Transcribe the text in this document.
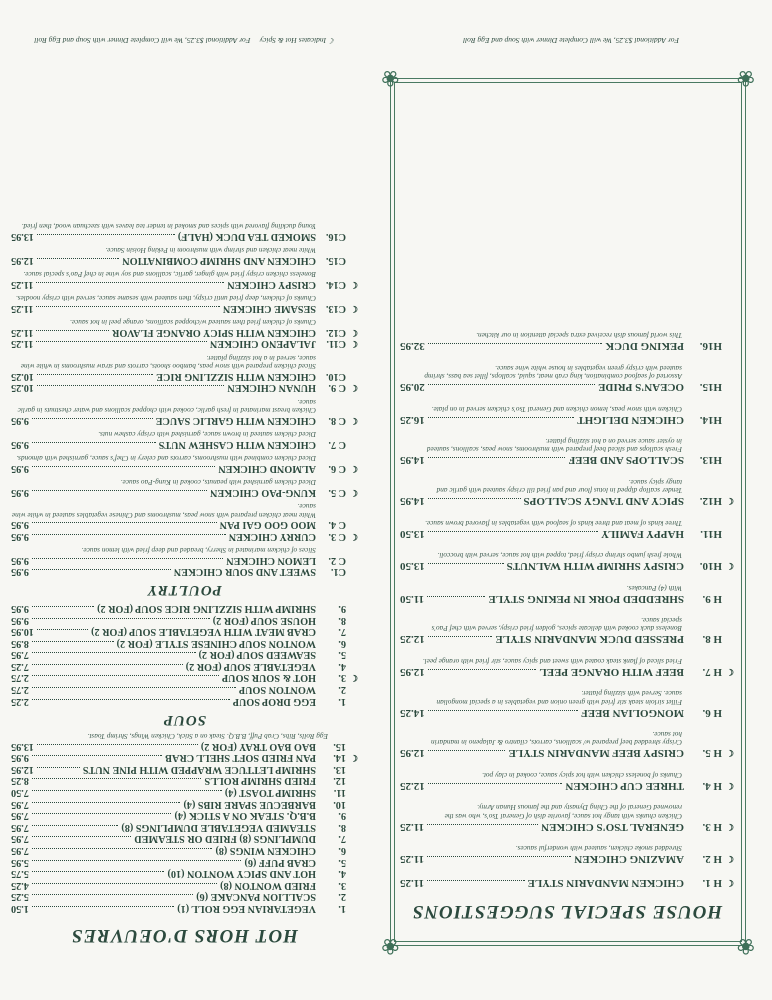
HOT HORS D'OEUVRES
1.
VEGETARIAN EGG ROLL (1)
1.50
2.
SCALLION PANCAKE (6)
5.25
3.
FRIED WONTON (8)
4.25
4.
HOT AND SPICY WONTON (10)
5.75
5.
CRAB PUFF (6)
5.95
6.
CHICKEN WINGS (8)
7.95
7.
DUMPLINGS (8) FRIED OR STEAMED
7.95
8.
STEAMED VEGETABLE DUMPLINGS (8)
7.95
9.
B.B.Q. STEAK ON A STICK (4)
7.95
10.
BARBECUE SPARE RIBS (4)
7.95
11.
SHRIMP TOAST (4)
7.50
12.
FRIED SHRIMP ROLLS
8.25
13.
SHRIMP LETTUCE WRAPPED WITH PINE NUTS
12.95
☾
14.
PAN FRIED SOFT SHELL CRAB
9.95
15.
BAO BAO TRAY (FOR 2)
13.95
Egg Rolls, Ribs, Crab Puff, B.B.Q. Steak on a Stick, Chicken Wings, Shrimp Toast.
SOUP
1.
EGG DROP SOUP
2.25
2.
WONTON SOUP
2.75
☾
3.
HOT & SOUR SOUP
2.75
4.
VEGETABLE SOUP (FOR 2)
7.25
5.
SEAWEED SOUP (FOR 2)
7.95
6.
WONTON SOUP CHINESE STYLE (FOR 2)
8.95
7.
CRAB MEAT WITH VEGETABLE SOUP (FOR 2)
10.95
8.
HOUSE SOUP (FOR 2)
9.95
9.
SHRIMP WITH SIZZLING RICE SOUP (FOR 2)
9.95
POULTRY
C1.
SWEET AND SOUR CHICKEN
9.95
C 2.
LEMON CHICKEN
9.95
Slices of chicken marinated in Sherry, breaded and deep fried with lemon sauce.
☾
C 3.
CURRY CHICKEN
9.95
C 4.
MOO GOO GAI PAN
9.95
White meat chicken prepared with snow peas, mushrooms and Chinese vegetables sauteed in white wine sauce.
☾
C 5.
KUNG-PAO CHICKEN
9.95
Diced chicken garnished with peanuts, cooked in Kung-Pao sauce.
☾
C 6.
ALMOND CHICKEN
9.95
Diced chicken combined with mushrooms, carrots and celery in Chef's sauce, garnished with almonds.
C 7.
CHICKEN WITH CASHEW NUTS
9.95
Diced chicken sauteed in brown sauce, garnished with crispy cashew nuts.
☾
C 8.
CHICKEN WITH GARLIC SAUCE
9.95
Chicken breast marinated in fresh garlic, cooked with chopped scallions and water chestnuts in garlic sauce.
☾
C 9.
HUNAN CHICKEN
10.25
C10.
CHICKEN WITH SIZZLING RICE
10.25
Sliced chicken prepared with snow peas, bamboo shoots, carrots and straw mushrooms in white wine sauce, served in a hot sizzling platter.
☾
C11.
JALAPENO CHICKEN
11.25
☾
C12.
CHICKEN WITH SPICY ORANGE FLAVOR
11.25
Chunks of chicken fried then sauteed w/chopped scallions, orange peel in hot sauce.
☾
C13.
SESAME CHICKEN
11.25
Chunks of chicken, deep fried until crispy, then sauteed with sesame sauce, served with crispy noodles.
☾
C14.
CRISPY CHICKEN
11.25
Boneless chicken crispy fried with ginger, garlic, scallions and soy wine in chef Pao's special sauce.
C15.
CHICKEN AND SHRIMP COMBINATION
12.95
White meat chicken and shrimp with mushroom in Peking Hoisin Sauce.
C16.
SMOKED TEA DUCK (HALF)
13.95
Young duckling flavored with spices and smoked in tender tea leaves with szechuan wood, then fried.
☾ Indicates Hot & Spicy     For Additional $3.25, We will Complete Dinner with Soup and Egg Roll
❀
❀
❀
❀
HOUSE SPECIAL SUGGESTIONS
☾
H 1.
CHICKEN MANDARIN STYLE
11.25
☾
H 2.
AMAZING CHICKEN
11.25
Shredded smoke chicken, sauteed with wonderful sauces.
☾
H 3.
GENERAL TSO'S CHICKEN
11.25
Chicken chunks with tangy hot sauce, favorite dish of General Tso's, who was the renowned General of the Ching Dynasty and the famous Hunan Army.
☾
H 4.
THREE CUP CHICKEN
12.25
Chunks of boneless chicken with hot spicy sauce, cooked in clay pot.
☾
H 5.
CRISPY BEEF MANDARIN STYLE
12.95
Crispy shredded beef prepared w/ scallions, carrots, cilantro & Jalapeno in mandarin hot sauce.
H 6.
MONGOLIAN BEEF
14.25
Fillet sirloin steak stir fried with green onion and vegetables in a special mongolian sauce. Served with sizzling platter.
☾
H 7.
BEEF WITH ORANGE PEEL
12.95
Fried sliced of flank steak coated with sweet and spicy sauce, stir fried with orange peel.
H 8.
PRESSED DUCK MANDARIN STYLE
12.25
Boneless duck cooked with delicate spices, golden fried crispy, served with chef Pao's special sauce.
H 9.
SHREDDED PORK IN PEKING STYLE
11.50
With (4) Pancakes.
☾
H10.
CRISPY SHRIMP WITH WALNUTS
13.50
Whole fresh jumbo shrimp crispy fried, topped with hot sauce, served with broccoli.
H11.
HAPPY FAMILY
13.50
Three kinds of meat and three kinds of seafood with vegetables in flavored brown sauce.
☾
H12.
SPICY AND TANGY SCALLOPS
14.95
Tender scallop dipped in lotus flour and pan fried till crispy sauteed with garlic and tangy spicy sauce.
H13.
SCALLOPS AND BEEF
14.95
Fresh scallops and sliced beef prepared with mushrooms, snow peas, scallions, sauteed in oyster sauce served on a hot sizzling platter.
H14.
CHICKEN DELIGHT
16.25
Chicken with snow peas, lemon chicken and General Tso's chicken served in on plate.
H15.
OCEAN'S PRIDE
20.95
Assorted of seafood combination, king crab meat, squid, scallops, fillet sea bass, shrimp sauteed with crispy green vegetables in house white wine sauce.
H16.
PEKING DUCK
32.95
This world famous dish received extra special attention in our kitchen.
For Additional $3.25, We will Complete Dinner with Soup and Egg Roll
